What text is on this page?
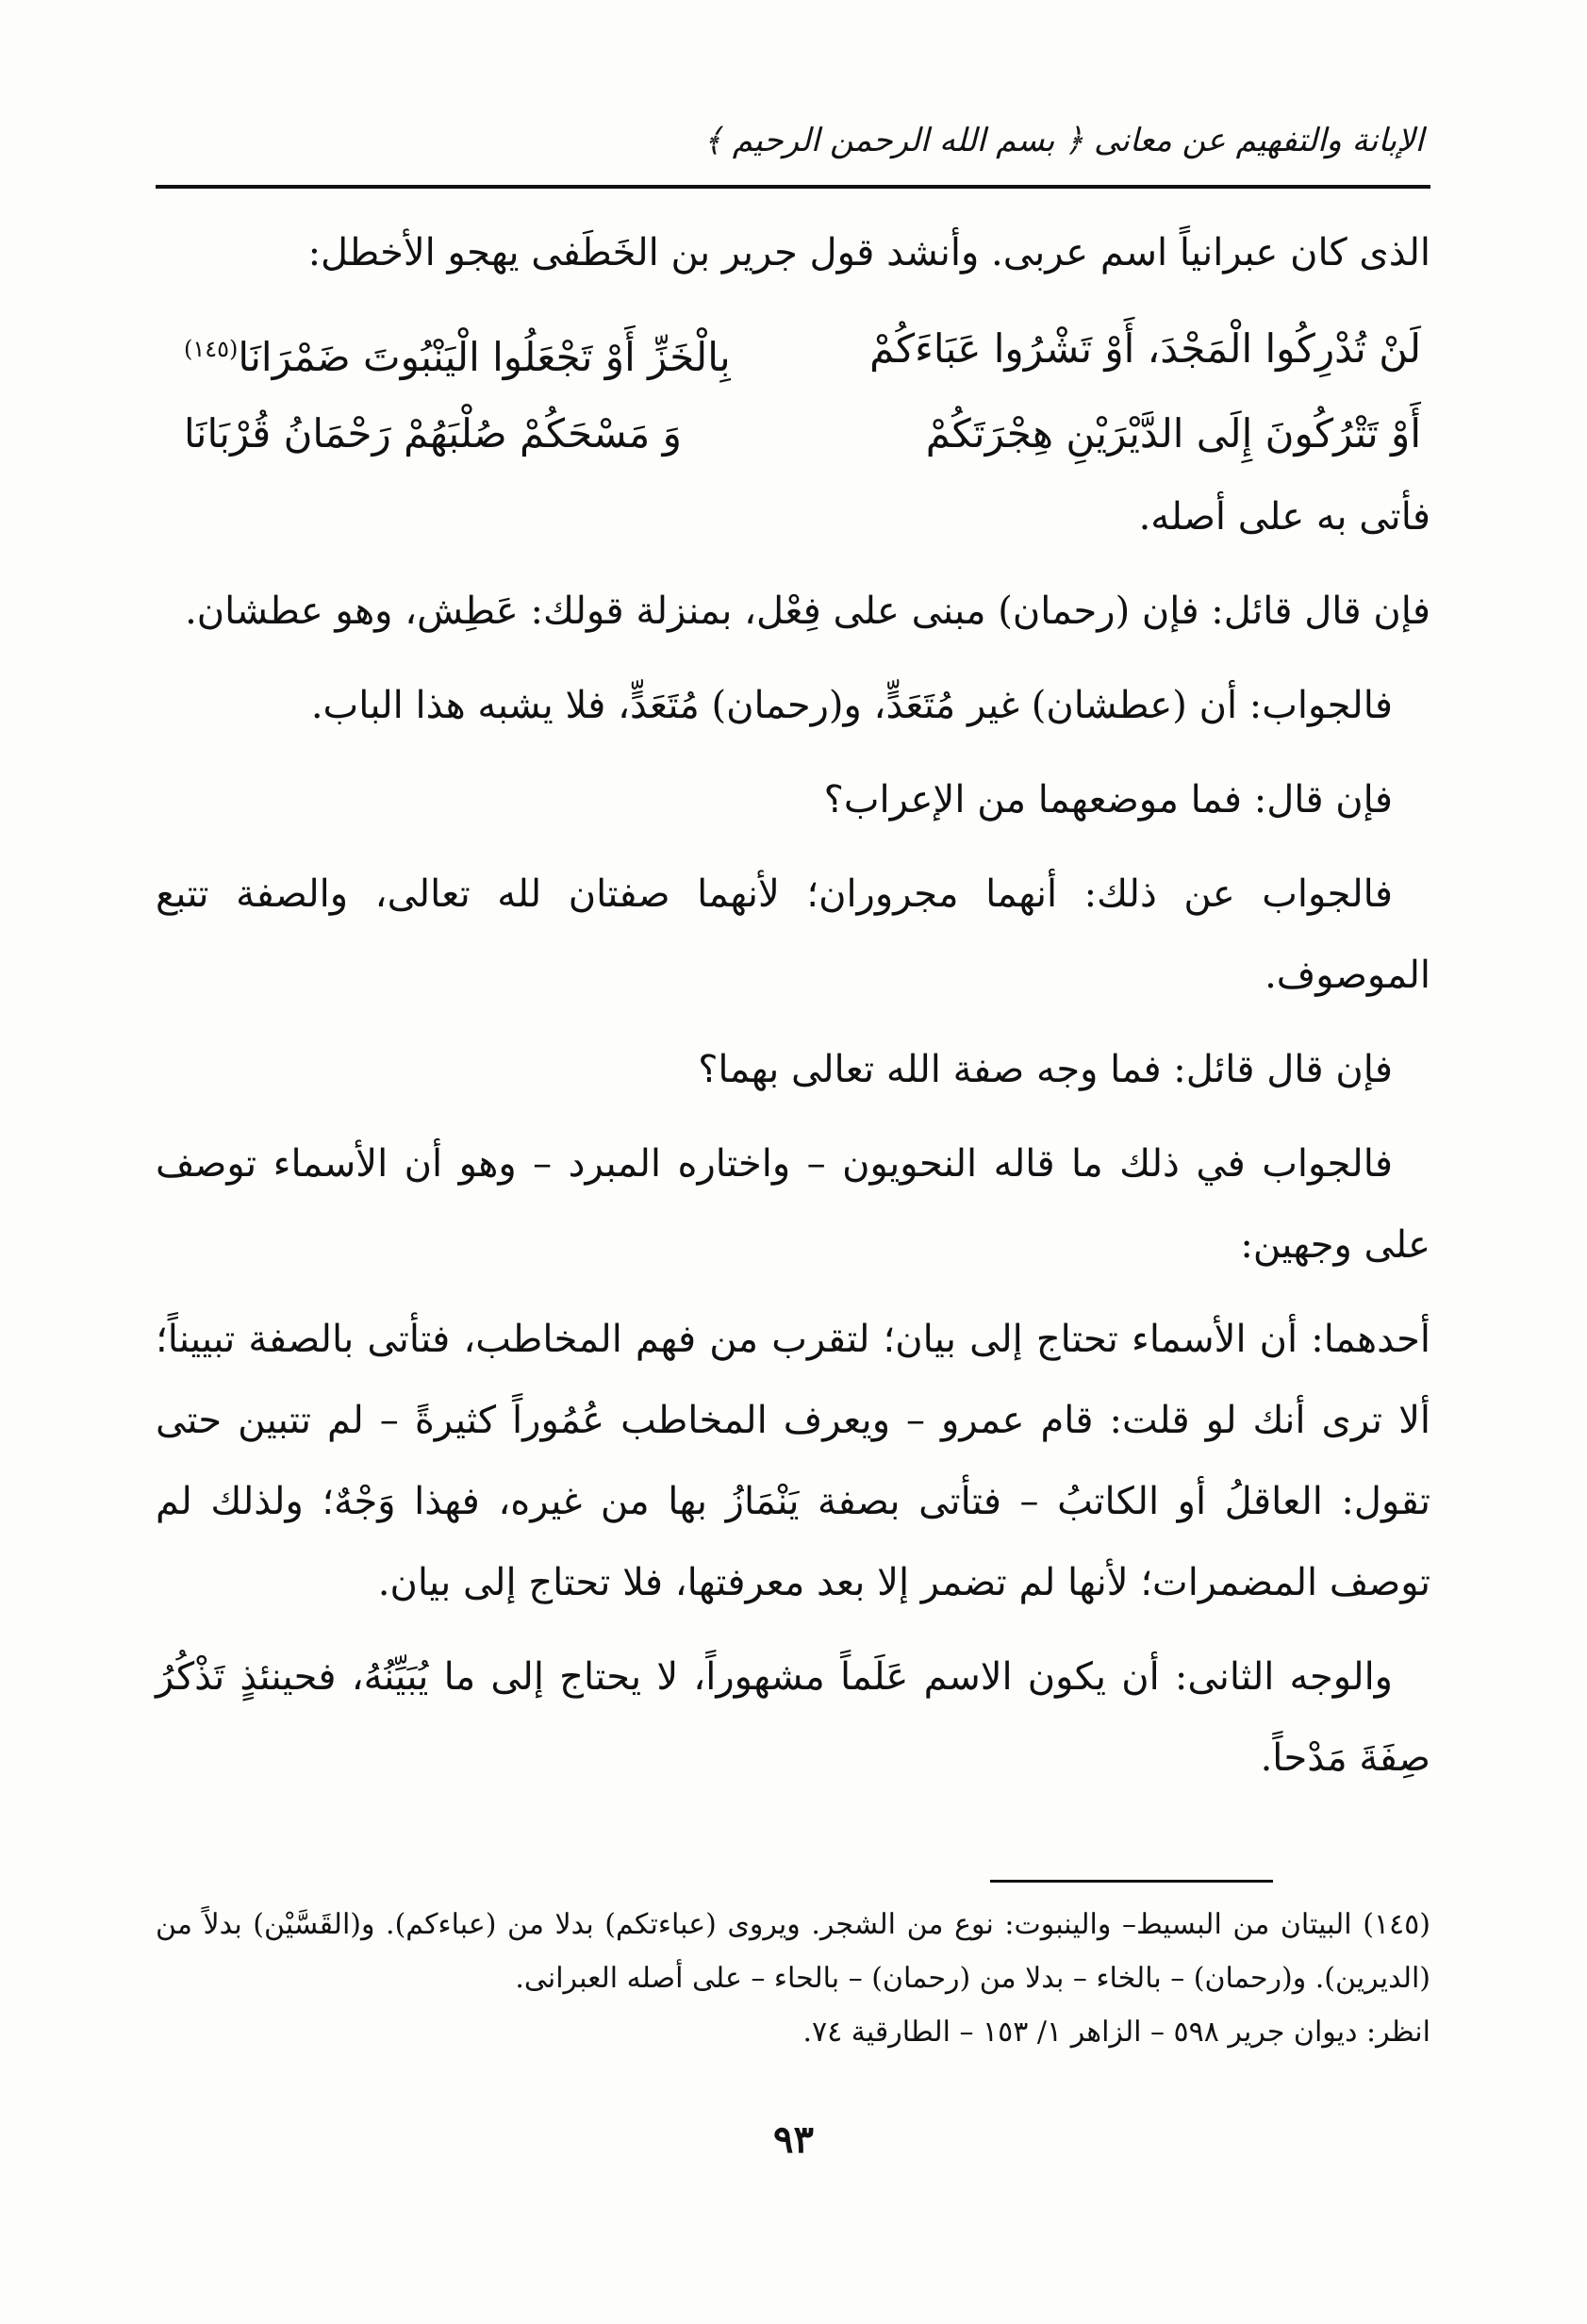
الإبانة والتفهيم عن معانى ﴿ بسم الله الرحمن الرحيم ﴾

الذى كان عبرانياً اسم عربى. وأنشد قول جرير بن الخَطَفى يهجو الأخطل:

لَنْ تُدْرِكُوا الْمَجْدَ، أَوْ تَشْرُوا عَبَاءَكُمْ
بِالْخَزِّ أَوْ تَجْعَلُوا الْيَنْبُوتَ ضَمْرَانَا$^{(١٤٥)}$
أَوْ تَتْرُكُونَ إِلَى الدَّيْرَيْنِ هِجْرَتَكُمْ
وَ مَسْحَكُمْ صُلْبَهُمْ رَحْمَانُ قُرْبَانَا

فأتى به على أصله.

فإن قال قائل: فإن (رحمان) مبنى على فِعْل، بمنزلة قولك: عَطِش، وهو عطشان.

فالجواب: أن (عطشان) غير مُتَعَدٍّ، و(رحمان) مُتَعَدٍّ، فلا يشبه هذا الباب.

فإن قال: فما موضعهما من الإعراب؟

فالجواب عن ذلك: أنهما مجروران؛ لأنهما صفتان لله تعالى، والصفة تتبع الموصوف.

فإن قال قائل: فما وجه صفة الله تعالى بهما؟

فالجواب في ذلك ما قاله النحويون – واختاره المبرد – وهو أن الأسماء توصف على وجهين:

أحدهما: أن الأسماء تحتاج إلى بيان؛ لتقرب من فهم المخاطب، فتأتى بالصفة تبييناً؛ ألا ترى أنك لو قلت: قام عمرو – ويعرف المخاطب عُمُوراً كثيرةً – لم تتبين حتى تقول: العاقلُ أو الكاتبُ – فتأتى بصفة يَنْمَازُ بها من غيره، فهذا وَجْهٌ؛ ولذلك لم توصف المضمرات؛ لأنها لم تضمر إلا بعد معرفتها، فلا تحتاج إلى بيان.

والوجه الثانى: أن يكون الاسم عَلَماً مشهوراً، لا يحتاج إلى ما يُبَيِّنُهُ، فحينئذٍ تَذْكُرُ صِفَةَ مَدْحاً.

(١٤٥) البيتان من البسيط– والينبوت: نوع من الشجر. ويروى (عباءتكم) بدلا من (عباءكم). و(القَسَّيْن) بدلاً من (الديرين). و(رحمان) – بالخاء – بدلا من (رحمان) – بالحاء – على أصله العبرانى.

انظر: ديوان جرير ٥٩٨ – الزاهر ١/ ١٥٣ – الطارقية ٧٤.

٩٣
